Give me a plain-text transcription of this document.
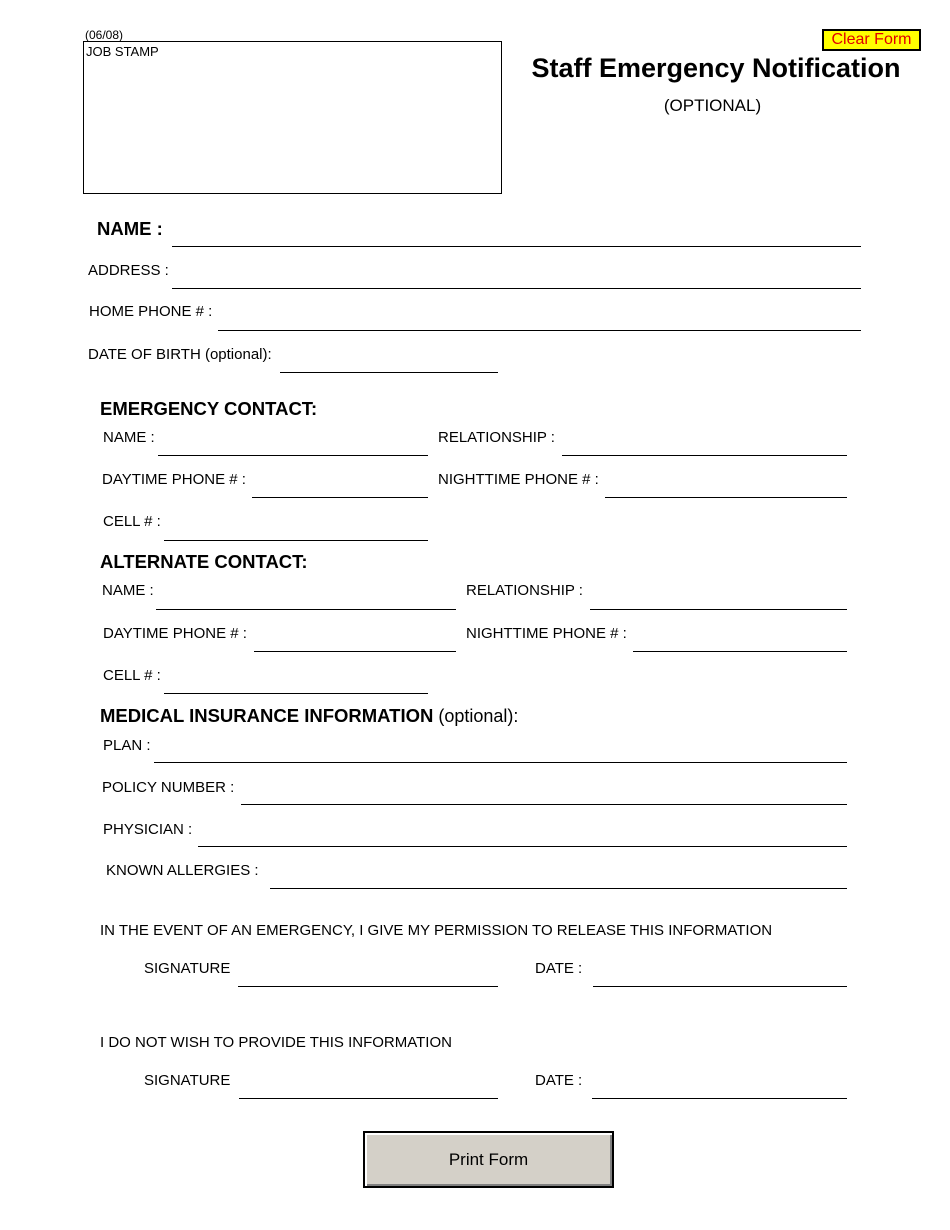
(06/08)
JOB STAMP
Clear Form
Staff Emergency Notification
(OPTIONAL)
NAME :
ADDRESS :
HOME PHONE # :
DATE OF BIRTH (optional):
EMERGENCY CONTACT:
NAME :	RELATIONSHIP :
DAYTIME PHONE # :	NIGHTTIME PHONE # :
CELL # :
ALTERNATE CONTACT:
NAME :	RELATIONSHIP :
DAYTIME PHONE # :	NIGHTTIME PHONE # :
CELL # :
MEDICAL INSURANCE INFORMATION (optional):
PLAN :
POLICY NUMBER :
PHYSICIAN :
KNOWN ALLERGIES :
IN THE EVENT OF AN EMERGENCY, I GIVE MY PERMISSION TO RELEASE THIS INFORMATION
SIGNATURE	DATE :
I DO NOT WISH TO PROVIDE THIS INFORMATION
SIGNATURE	DATE :
Print Form
